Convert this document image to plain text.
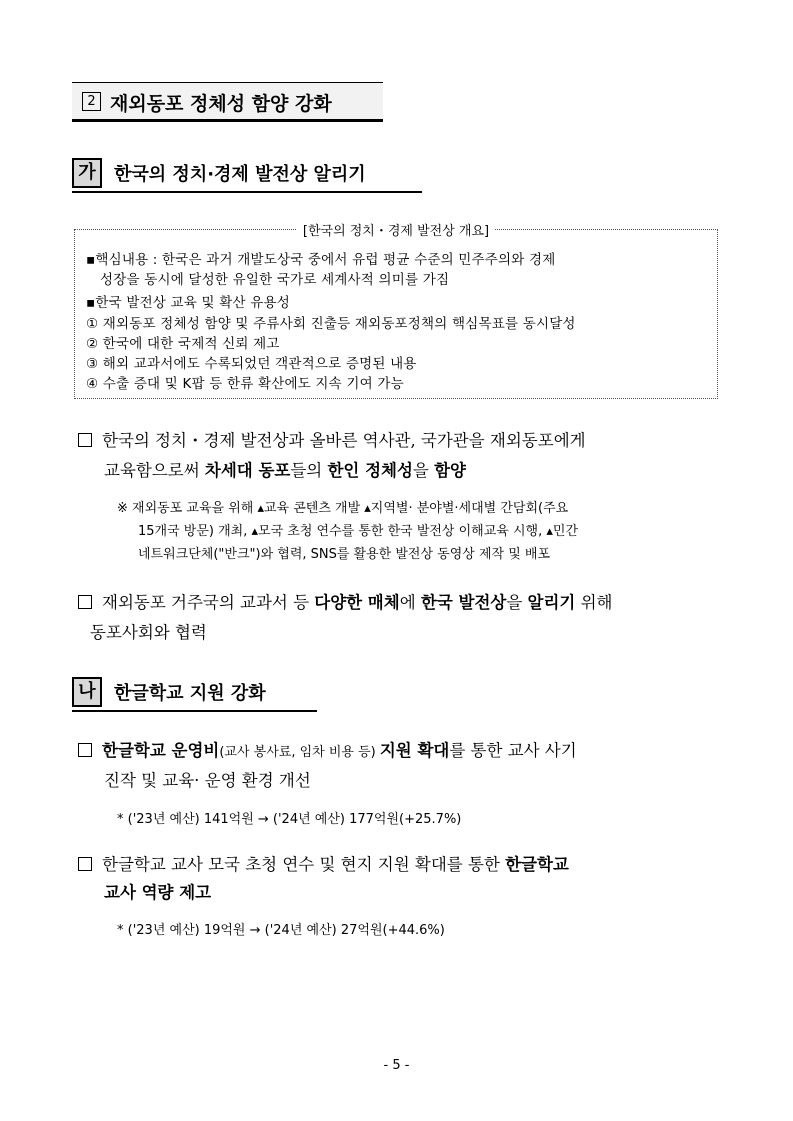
2 재외동포 정체성 함양 강화
가	한국의 정치·경제 발전상 알리기
[한국의 정치・경제 발전상 개요]
▪핵심내용 : 한국은 과거 개발도상국 중에서 유럽 평균 수준의 민주주의와 경제
성장을 동시에 달성한 유일한 국가로 세계사적 의미를 가짐
▪한국 발전상 교육 및 확산 유용성
① 재외동포 정체성 함양 및 주류사회 진출등 재외동포정책의 핵심목표를 동시달성
② 한국에 대한 국제적 신뢰 제고
③ 해외 교과서에도 수록되었던 객관적으로 증명된 내용
④ 수출 증대 및 K팝 등 한류 확산에도 지속 기여 가능
한국의 정치・경제 발전상과 올바른 역사관, 국가관을 재외동포에게
교육함으로써 차세대 동포들의 한인 정체성을 함양
※ 재외동포 교육을 위해 ▴교육 콘텐츠 개발 ▴지역별· 분야별·세대별 간담회(주요
15개국 방문) 개최, ▴모국 초청 연수를 통한 한국 발전상 이해교육 시행, ▴민간
네트워크단체("반크")와 협력, SNS를 활용한 발전상 동영상 제작 및 배포
재외동포 거주국의 교과서 등 다양한 매체에 한국 발전상을 알리기 위해
동포사회와 협력
나	한글학교 지원 강화
한글학교 운영비(교사 봉사료, 임차 비용 등) 지원 확대를 통한 교사 사기
진작 및 교육· 운영 환경 개선
* ('23년 예산) 141억원 → ('24년 예산) 177억원(+25.7%)
한글학교 교사 모국 초청 연수 및 현지 지원 확대를 통한 한글학교
교사 역량 제고
* ('23년 예산) 19억원 → ('24년 예산) 27억원(+44.6%)
- 5 -
